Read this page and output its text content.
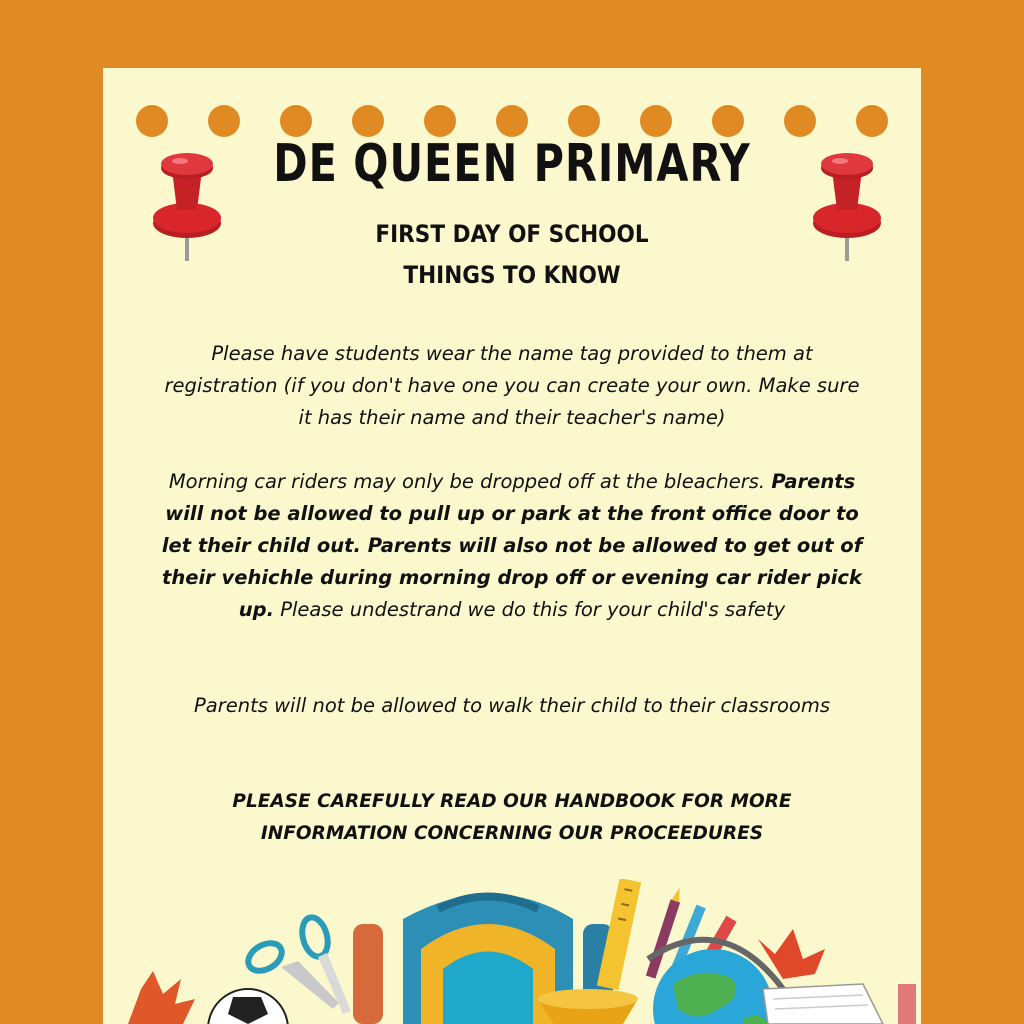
DE QUEEN PRIMARY
FIRST DAY OF SCHOOL
THINGS TO KNOW
Please have students wear the name tag provided to them at registration (if you don't have one you can create your own. Make sure it has their name and their teacher's name)
Morning car riders may only be dropped off at the bleachers. Parents will not be allowed to pull up or park at the front office door to let their child out. Parents will also not be allowed to get out of their vehichle during morning drop off or evening car rider pick up. Please undestrand we do this for your child's safety
Parents will not be allowed to walk their child to their classrooms
PLEASE CAREFULLY READ OUR HANDBOOK FOR MORE INFORMATION CONCERNING OUR PROCEEDURES
